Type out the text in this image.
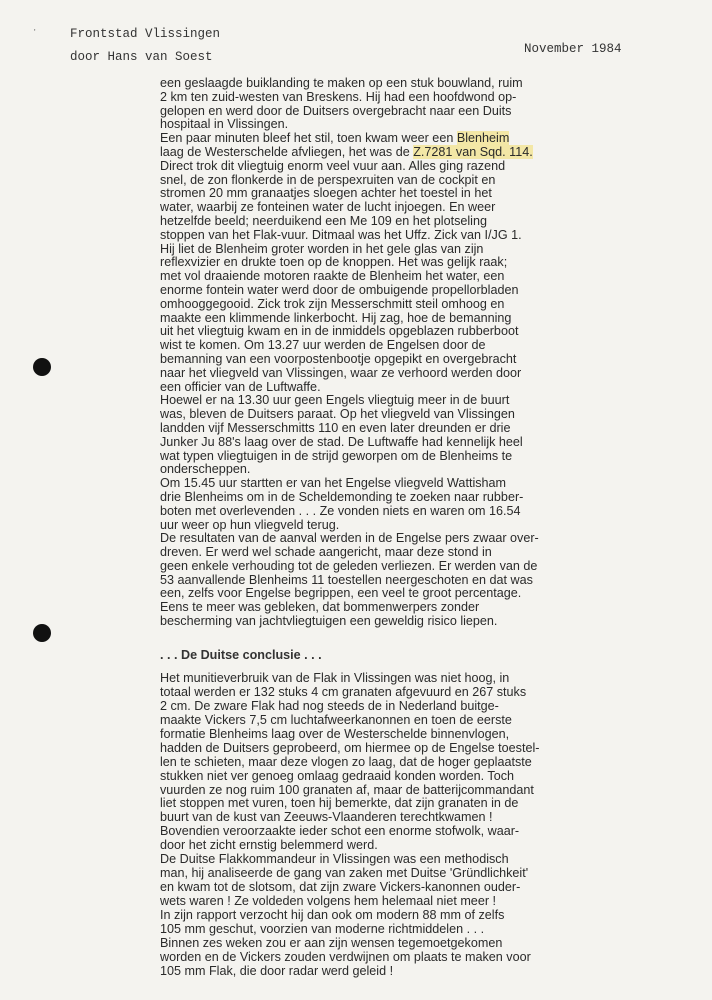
'	Frontstad Vlissingen
door Hans van Soest
November 1984
een geslaagde buiklanding te maken op een stuk bouwland, ruim
2 km ten zuid-westen van Breskens. Hij had een hoofdwond op-
gelopen en werd door de Duitsers overgebracht naar een Duits
hospitaal in Vlissingen.
Een paar minuten bleef het stil, toen kwam weer een Blenheim
laag de Westerschelde afvliegen, het was de Z.7281 van Sqd. 114.
Direct trok dit vliegtuig enorm veel vuur aan. Alles ging razend
snel, de zon flonkerde in de perspexruiten van de cockpit en
stromen 20 mm granaatjes sloegen achter het toestel in het
water, waarbij ze fonteinen water de lucht injoegen. En weer
hetzelfde beeld; neerduikend een Me 109 en het plotseling
stoppen van het Flak-vuur. Ditmaal was het Uffz. Zick van I/JG 1.
Hij liet de Blenheim groter worden in het gele glas van zijn
reflexvizier en drukte toen op de knoppen. Het was gelijk raak;
met vol draaiende motoren raakte de Blenheim het water, een
enorme fontein water werd door de ombuigende propellorbladen
omhooggegooid. Zick trok zijn Messerschmitt steil omhoog en
maakte een klimmende linkerbocht. Hij zag, hoe de bemanning
uit het vliegtuig kwam en in de inmiddels opgeblazen rubberboot
wist te komen. Om 13.27 uur werden de Engelsen door de
bemanning van een voorpostenbootje opgepikt en overgebracht
naar het vliegveld van Vlissingen, waar ze verhoord werden door
een officier van de Luftwaffe.
Hoewel er na 13.30 uur geen Engels vliegtuig meer in de buurt
was, bleven de Duitsers paraat. Op het vliegveld van Vlissingen
landden vijf Messerschmitts 110 en even later dreunden er drie
Junker Ju 88's laag over de stad. De Luftwaffe had kennelijk heel
wat typen vliegtuigen in de strijd geworpen om de Blenheims te
onderscheppen.
Om 15.45 uur startten er van het Engelse vliegveld Wattisham
drie Blenheims om in de Scheldemonding te zoeken naar rubber-
boten met overlevenden . . . Ze vonden niets en waren om 16.54
uur weer op hun vliegveld terug.
De resultaten van de aanval werden in de Engelse pers zwaar over-
dreven. Er werd wel schade aangericht, maar deze stond in
geen enkele verhouding tot de geleden verliezen. Er werden van de
53 aanvallende Blenheims 11 toestellen neergeschoten en dat was
een, zelfs voor Engelse begrippen, een veel te groot percentage.
Eens te meer was gebleken, dat bommenwerpers zonder
bescherming van jachtvliegtuigen een geweldig risico liepen.
. . . De Duitse conclusie . . .
Het munitieverbruik van de Flak in Vlissingen was niet hoog, in
totaal werden er 132 stuks 4 cm granaten afgevuurd en 267 stuks
2 cm. De zware Flak had nog steeds de in Nederland buitge-
maakte Vickers 7,5 cm luchtafweerkanonnen en toen de eerste
formatie Blenheims laag over de Westerschelde binnenvlogen,
hadden de Duitsers geprobeerd, om hiermee op de Engelse toestel-
len te schieten, maar deze vlogen zo laag, dat de hoger geplaatste
stukken niet ver genoeg omlaag gedraaid konden worden. Toch
vuurden ze nog ruim 100 granaten af, maar de batterijcommandant
liet stoppen met vuren, toen hij bemerkte, dat zijn granaten in de
buurt van de kust van Zeeuws-Vlaanderen terechtkwamen !
Bovendien veroorzaakte ieder schot een enorme stofwolk, waar-
door het zicht ernstig belemmerd werd.
De Duitse Flakkommandeur in Vlissingen was een methodisch
man, hij analiseerde de gang van zaken met Duitse 'Gründlichkeit'
en kwam tot de slotsom, dat zijn zware Vickers-kanonnen ouder-
wets waren ! Ze voldeden volgens hem helemaal niet meer !
In zijn rapport verzocht hij dan ook om modern 88 mm of zelfs
105 mm geschut, voorzien van moderne richtmiddelen . . .
Binnen zes weken zou er aan zijn wensen tegemoetgekomen
worden en de Vickers zouden verdwijnen om plaats te maken voor
105 mm Flak, die door radar werd geleid !
